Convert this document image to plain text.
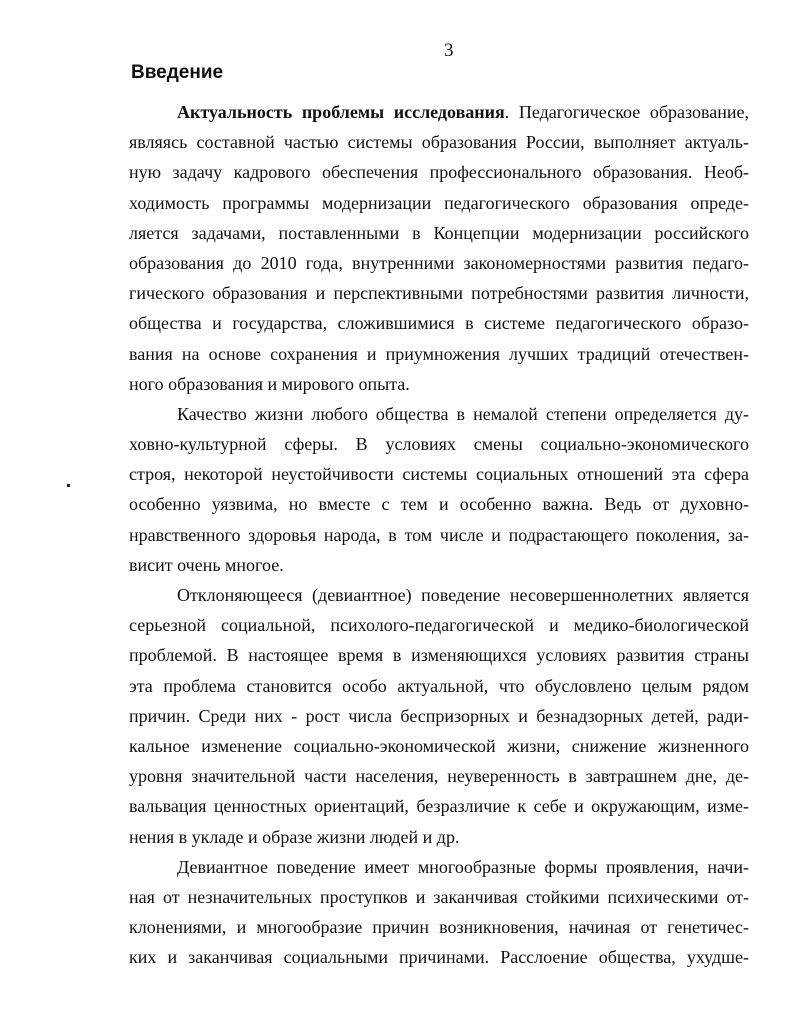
3
Введение
Актуальность проблемы исследования. Педагогическое образование,
являясь составной частью системы образования России, выполняет актуаль-
ную задачу кадрового обеспечения профессионального образования. Необ-
ходимость программы модернизации педагогического образования опреде-
ляется задачами, поставленными в Концепции модернизации российского
образования до 2010 года, внутренними закономерностями развития педаго-
гического образования и перспективными потребностями развития личности,
общества и государства, сложившимися в системе педагогического образо-
вания на основе сохранения и приумножения лучших традиций отечествен-
ного образования и мирового опыта.
Качество жизни любого общества в немалой степени определяется ду-
ховно-культурной сферы. В условиях смены социально-экономического
строя, некоторой неустойчивости системы социальных отношений эта сфера
особенно уязвима, но вместе с тем и особенно важна. Ведь от духовно-
нравственного здоровья народа, в том числе и подрастающего поколения, за-
висит очень многое.
Отклоняющееся (девиантное) поведение несовершеннолетних является
серьезной социальной, психолого-педагогической и медико-биологической
проблемой. В настоящее время в изменяющихся условиях развития страны
эта проблема становится особо актуальной, что обусловлено целым рядом
причин. Среди них - рост числа беспризорных и безнадзорных детей, ради-
кальное изменение социально-экономической жизни, снижение жизненного
уровня значительной части населения, неуверенность в завтрашнем дне, де-
вальвация ценностных ориентаций, безразличие к себе и окружающим, изме-
нения в укладе и образе жизни людей и др.
Девиантное поведение имеет многообразные формы проявления, начи-
ная от незначительных проступков и заканчивая стойкими психическими от-
клонениями, и многообразие причин возникновения, начиная от генетичес-
ких и заканчивая социальными причинами. Расслоение общества, ухудше-
